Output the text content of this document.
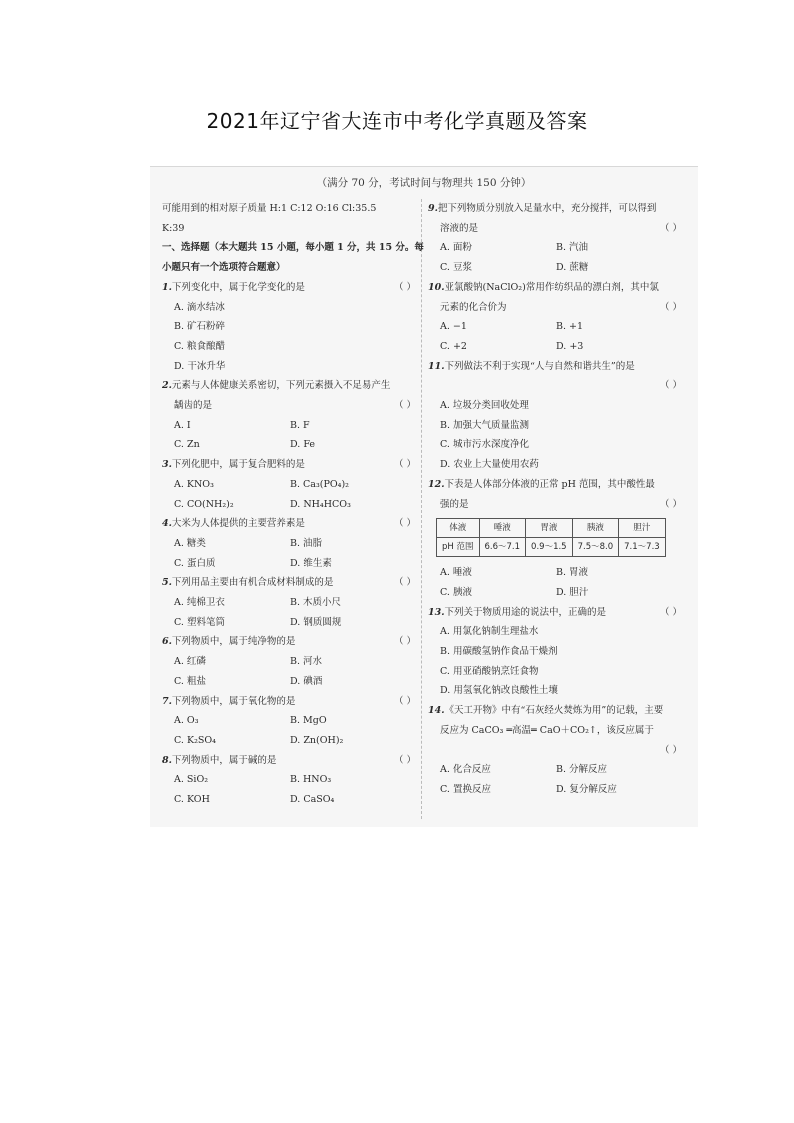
2021年辽宁省大连市中考化学真题及答案
（满分 70 分，考试时间与物理共 150 分钟）
可能用到的相对原子质量 H:1 C:12 O:16 Cl:35.5
K:39
一、选择题（本大题共 15 小题，每小题 1 分，共 15 分。每
小题只有一个选项符合题意）
1.下列变化中，属于化学变化的是	（ ）
A. 滴水结冰
B. 矿石粉碎
C. 粮食酿醋
D. 干冰升华
2.元素与人体健康关系密切，下列元素摄入不足易产生
龋齿的是	（ ）
A. I	B. F
C. Zn	D. Fe
3.下列化肥中，属于复合肥料的是	（ ）
A. KNO₃	B. Ca₃(PO₄)₂
C. CO(NH₂)₂	D. NH₄HCO₃
4.大米为人体提供的主要营养素是	（ ）
A. 糖类	B. 油脂
C. 蛋白质	D. 维生素
5.下列用品主要由有机合成材料制成的是	（ ）
A. 纯棉卫衣	B. 木质小尺
C. 塑料笔筒	D. 钢质圆规
6.下列物质中，属于纯净物的是	（ ）
A. 红磷	B. 河水
C. 粗盐	D. 碘酒
7.下列物质中，属于氧化物的是	（ ）
A. O₃	B. MgO
C. K₂SO₄	D. Zn(OH)₂
8.下列物质中，属于碱的是	（ ）
A. SiO₂	B. HNO₃
C. KOH	D. CaSO₄
9.把下列物质分别放入足量水中，充分搅拌，可以得到
溶液的是	（ ）
A. 面粉	B. 汽油
C. 豆浆	D. 蔗糖
10.亚氯酸钠(NaClO₂)常用作纺织品的漂白剂，其中氯
元素的化合价为	（ ）
A. −1	B. +1
C. +2	D. +3
11.下列做法不利于实现“人与自然和谐共生”的是

（ ）
A. 垃圾分类回收处理
B. 加强大气质量监测
C. 城市污水深度净化
D. 农业上大量使用农药
12.下表是人体部分体液的正常 pH 范围，其中酸性最
强的是	（ ）
体液	唾液	胃液	胰液	胆汁
pH 范围	6.6～7.1	0.9～1.5	7.5～8.0	7.1～7.3
A. 唾液	B. 胃液
C. 胰液	D. 胆汁
13.下列关于物质用途的说法中，正确的是	（ ）
A. 用氯化钠制生理盐水
B. 用碳酸氢钠作食品干燥剂
C. 用亚硝酸钠烹饪食物
D. 用氢氧化钠改良酸性土壤
14.《天工开物》中有“石灰经火焚炼为用”的记载，主要
反应为 CaCO₃ ═高温═ CaO＋CO₂↑，该反应属于

（ ）
A. 化合反应	B. 分解反应
C. 置换反应	D. 复分解反应
